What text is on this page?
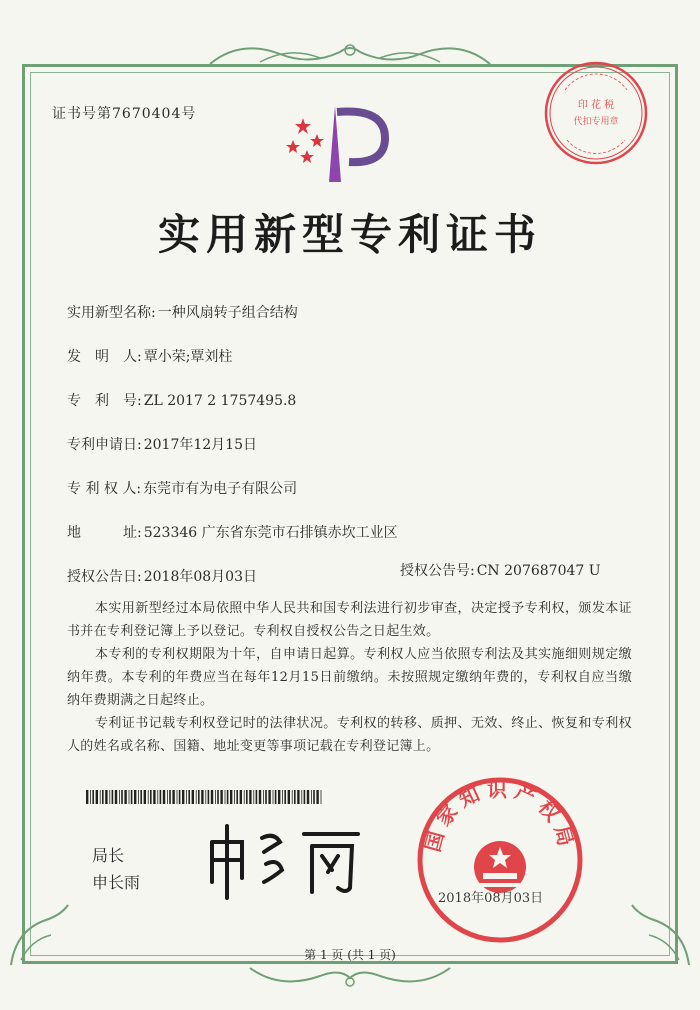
证书号第7670404号
印 花 税
代扣专用章
实用新型专利证书
实用新型名称: 一种风扇转子组合结构
发　明　人: 覃小荣;覃刘柱
专　利　号: ZL 2017 2 1757495.8
专利申请日: 2017年12月15日
专 利 权 人: 东莞市有为电子有限公司
地　　　址: 523346 广东省东莞市石排镇赤坎工业区
授权公告日: 2018年08月03日	授权公告号: CN 207687047 U

本实用新型经过本局依照中华人民共和国专利法进行初步审查，决定授予专利权，颁发本证书并在专利登记簿上予以登记。专利权自授权公告之日起生效。

本专利的专利权期限为十年，自申请日起算。专利权人应当依照专利法及其实施细则规定缴纳年费。本专利的年费应当在每年12月15日前缴纳。未按照规定缴纳年费的，专利权自应当缴纳年费期满之日起终止。

专利证书记载专利权登记时的法律状况。专利权的转移、质押、无效、终止、恢复和专利权人的姓名或名称、国籍、地址变更等事项记载在专利登记簿上。

局长
申长雨
国家知识产权局
2018年08月03日
第 1 页 (共 1 页)
